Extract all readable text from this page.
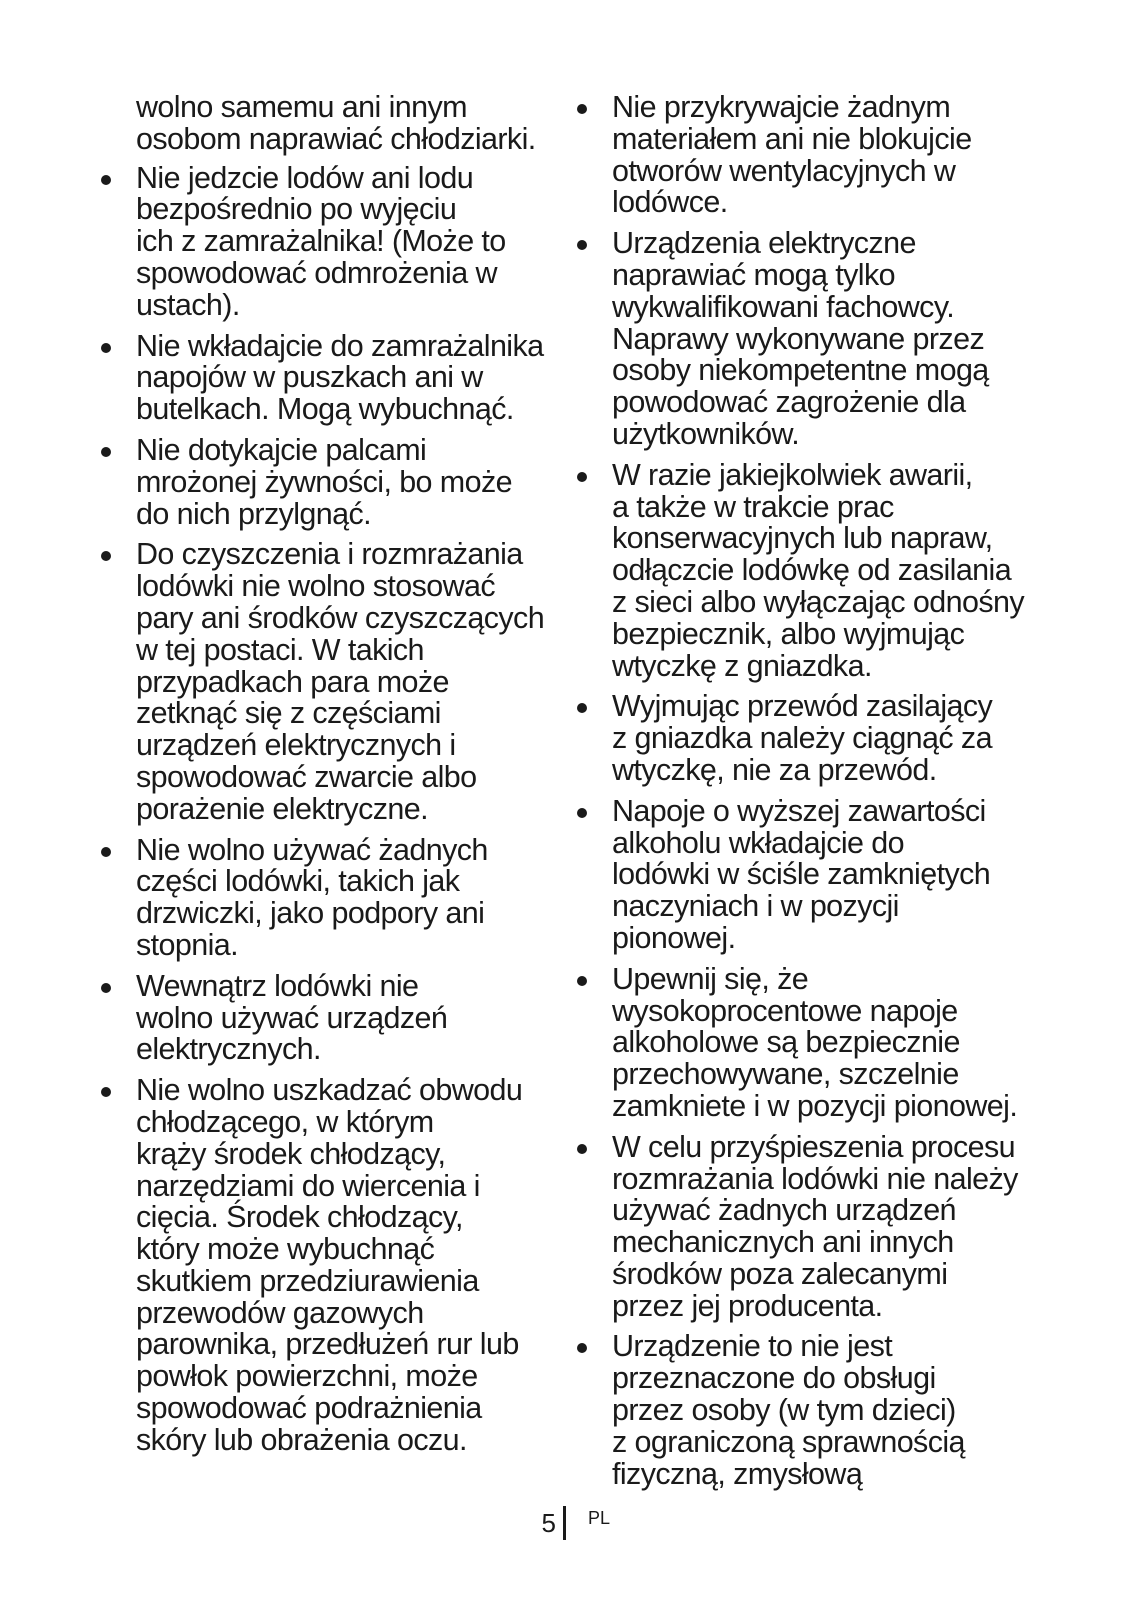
wolno samemu ani innym
osobom naprawiać chłodziarki.
Nie jedzcie lodów ani lodu
bezpośrednio po wyjęciu
ich z zamrażalnika! (Może to
spowodować odmrożenia w
ustach).
Nie wkładajcie do zamrażalnika
napojów w puszkach ani w
butelkach. Mogą wybuchnąć.
Nie dotykajcie palcami
mrożonej żywności, bo może
do nich przylgnąć.
Do czyszczenia i rozmrażania
lodówki nie wolno stosować
pary ani środków czyszczących
w tej postaci. W takich
przypadkach para może
zetknąć się z częściami
urządzeń elektrycznych i
spowodować zwarcie albo
porażenie elektryczne.
Nie wolno używać żadnych
części lodówki, takich jak
drzwiczki, jako podpory ani
stopnia.
Wewnątrz lodówki nie
wolno używać urządzeń
elektrycznych.
Nie wolno uszkadzać obwodu
chłodzącego, w którym
krąży środek chłodzący,
narzędziami do wiercenia i
cięcia. Środek chłodzący,
który może wybuchnąć
skutkiem przedziurawienia
przewodów gazowych
parownika, przedłużeń rur lub
powłok powierzchni, może
spowodować podrażnienia
skóry lub obrażenia oczu.
Nie przykrywajcie żadnym
materiałem ani nie blokujcie
otworów wentylacyjnych w
lodówce.
Urządzenia elektryczne
naprawiać mogą tylko
wykwalifikowani fachowcy.
Naprawy wykonywane przez
osoby niekompetentne mogą
powodować zagrożenie dla
użytkowników.
W razie jakiejkolwiek awarii,
a także w trakcie prac
konserwacyjnych lub napraw,
odłączcie lodówkę od zasilania
z sieci albo wyłączając odnośny
bezpiecznik, albo wyjmując
wtyczkę z gniazdka.
Wyjmując przewód zasilający
z gniazdka należy ciągnąć za
wtyczkę, nie za przewód.
Napoje o wyższej zawartości
alkoholu wkładajcie do
lodówki w ściśle zamkniętych
naczyniach i w pozycji
pionowej.
Upewnij się, że
wysokoprocentowe napoje
alkoholowe są bezpiecznie
przechowywane, szczelnie
zamkniete i w pozycji pionowej.
W celu przyśpieszenia procesu
rozmrażania lodówki nie należy
używać żadnych urządzeń
mechanicznych ani innych
środków poza zalecanymi
przez jej producenta.
Urządzenie to nie jest
przeznaczone do obsługi
przez osoby (w tym dzieci)
z ograniczoną sprawnością
fizyczną, zmysłową
5 PL
